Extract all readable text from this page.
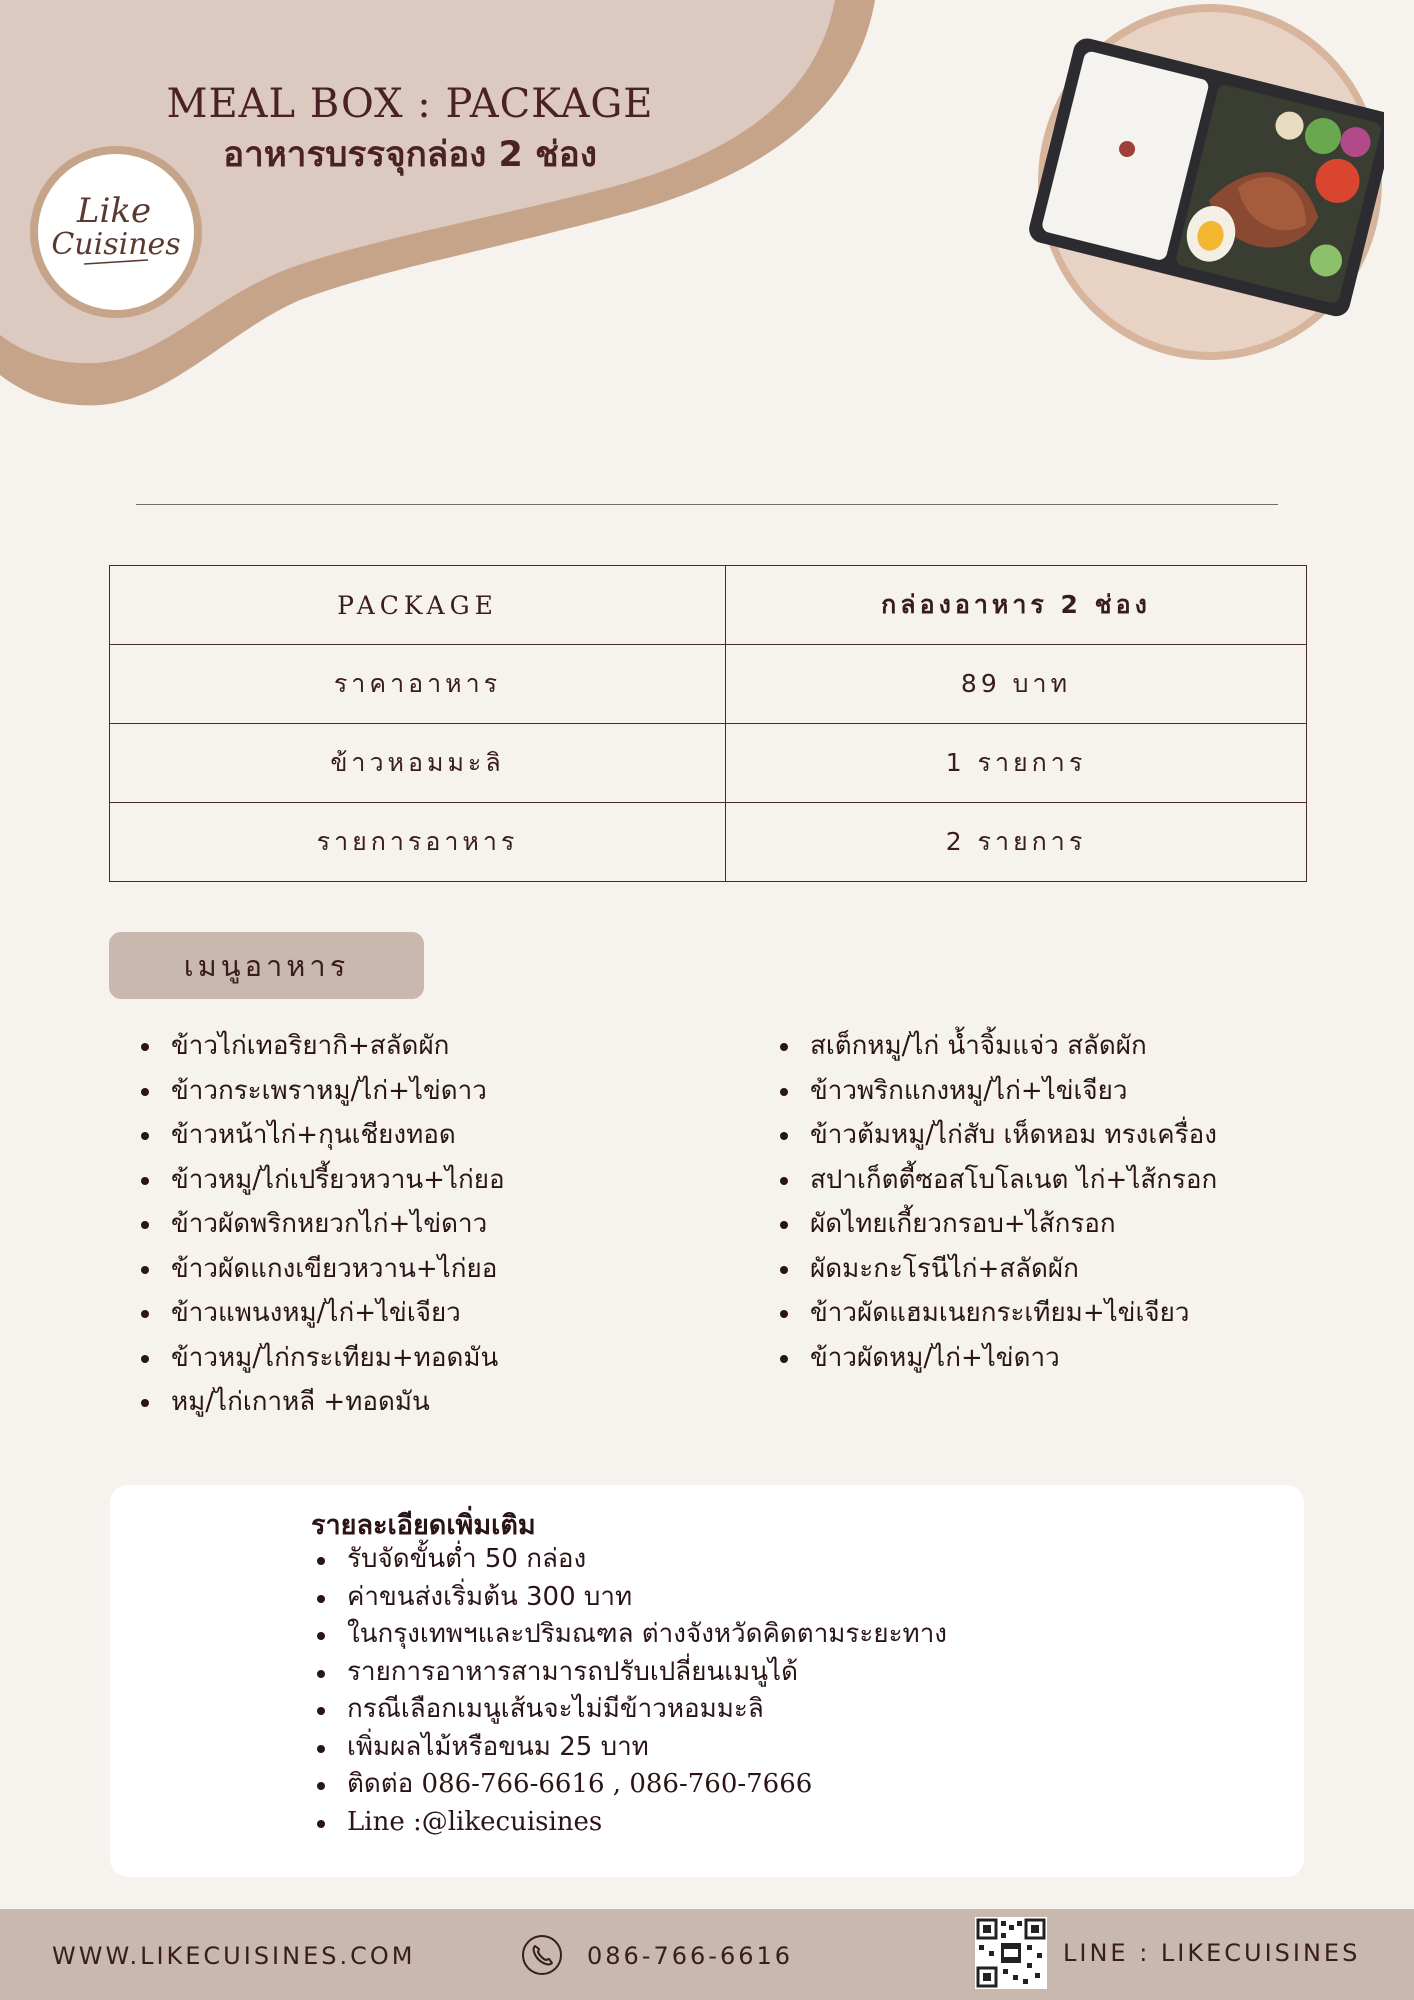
MEAL BOX : PACKAGE
อาหารบรรจุกล่อง 2 ช่อง
Like
Cuisines
PACKAGE	กล่องอาหาร 2 ช่อง
ราคาอาหาร	89 บาท
ข้าวหอมมะลิ	1 รายการ
รายการอาหาร	2 รายการ
เมนูอาหาร
ข้าวไก่เทอริยากิ+สลัดผัก
ข้าวกระเพราหมู/ไก่+ไข่ดาว
ข้าวหน้าไก่+กุนเชียงทอด
ข้าวหมู/ไก่เปรี้ยวหวาน+ไก่ยอ
ข้าวผัดพริกหยวกไก่+ไข่ดาว
ข้าวผัดแกงเขียวหวาน+ไก่ยอ
ข้าวแพนงหมู/ไก่+ไข่เจียว
ข้าวหมู/ไก่กระเทียม+ทอดมัน
หมู/ไก่เกาหลี +ทอดมัน
สเต็กหมู/ไก่ น้ำจิ้มแจ่ว สลัดผัก
ข้าวพริกแกงหมู/ไก่+ไข่เจียว
ข้าวต้มหมู/ไก่สับ เห็ดหอม ทรงเครื่อง
สปาเก็ตตี้ซอสโบโลเนต ไก่+ไส้กรอก
ผัดไทยเกี้ยวกรอบ+ไส้กรอก
ผัดมะกะโรนีไก่+สลัดผัก
ข้าวผัดแฮมเนยกระเทียม+ไข่เจียว
ข้าวผัดหมู/ไก่+ไข่ดาว
รายละเอียดเพิ่มเติม
รับจัดขั้นต่ำ 50 กล่อง
ค่าขนส่งเริ่มต้น 300 บาท
ในกรุงเทพฯและปริมณฑล ต่างจังหวัดคิดตามระยะทาง
รายการอาหารสามารถปรับเปลี่ยนเมนูได้
กรณีเลือกเมนูเส้นจะไม่มีข้าวหอมมะลิ
เพิ่มผลไม้หรือขนม 25 บาท
ติดต่อ 086-766-6616 , 086-760-7666
Line :@likecuisines
WWW.LIKECUISINES.COM	086-766-6616	LINE : LIKECUISINES
